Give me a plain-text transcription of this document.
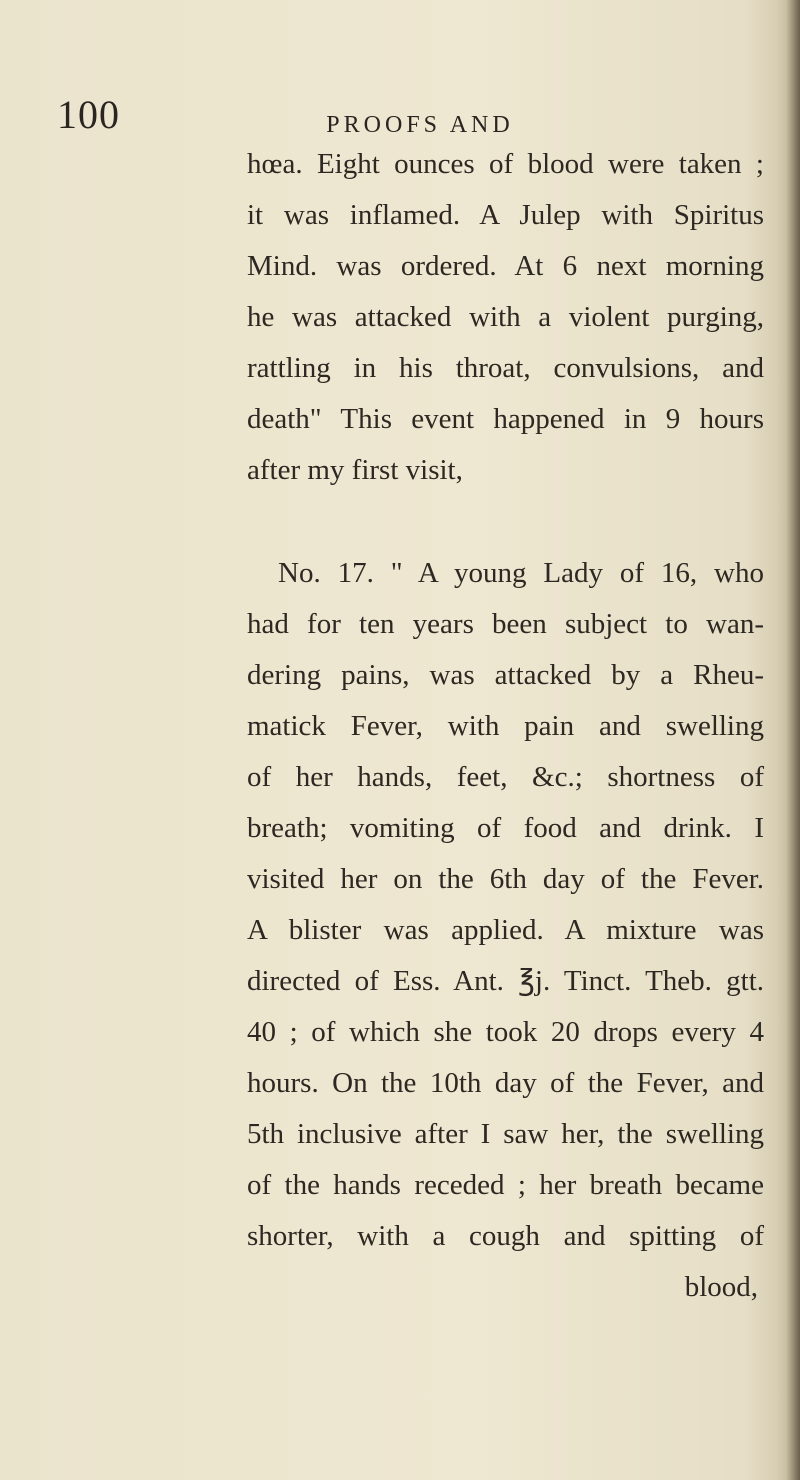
100	PROOFS AND
hœa. Eight ounces of blood were taken ;
it was inflamed. A Julep with Spiritus
Mind. was ordered. At 6 next morning
he was attacked with a violent purging,
rattling in his throat, convulsions, and
death" This event happened in 9 hours
after my first visit,
No. 17. " A young Lady of 16, who
had for ten years been subject to wan-
dering pains, was attacked by a Rheu-
matick Fever, with pain and swelling
of her hands, feet, &c.; shortness of
breath; vomiting of food and drink. I
visited her on the 6th day of the Fever.
A blister was applied. A mixture was
directed of Ess. Ant. ℥j. Tinct. Theb. gtt.
40 ; of which she took 20 drops every 4
hours. On the 10th day of the Fever, and
5th inclusive after I saw her, the swelling
of the hands receded ; her breath became
shorter, with a cough and spitting of
blood,
